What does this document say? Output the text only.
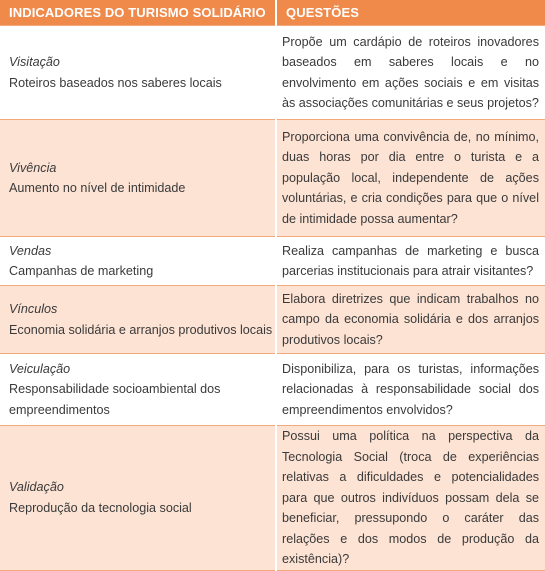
INDICADORES DO TURISMO SOLIDÁRIO	QUESTÕES

Visitação
Roteiros baseados nos saberes locais	Propõe um cardápio de roteiros inovadores baseados em saberes locais e no envolvimento em ações sociais e em visitas às associações comunitárias e seus projetos?

Vivência
Aumento no nível de intimidade	Proporciona uma convivência de, no mínimo, duas horas por dia entre o turista e a população local, independente de ações voluntárias, e cria condições para que o nível de intimidade possa aumentar?

Vendas
Campanhas de marketing	Realiza campanhas de marketing e busca parcerias institucionais para atrair visitantes?

Vínculos
Economia solidária e arranjos produtivos locais	Elabora diretrizes que indicam trabalhos no campo da economia solidária e dos arranjos produtivos locais?

Veiculação
Responsabilidade socioambiental dos empreendimentos	Disponibiliza, para os turistas, informações relacionadas à responsabilidade social dos empreendimentos envolvidos?

Validação
Reprodução da tecnologia social	Possui uma política na perspectiva da Tecnologia Social (troca de experiências relativas a dificuldades e potencialidades para que outros indivíduos possam dela se beneficiar, pressupondo o caráter das relações e dos modos de produção da existência)?
